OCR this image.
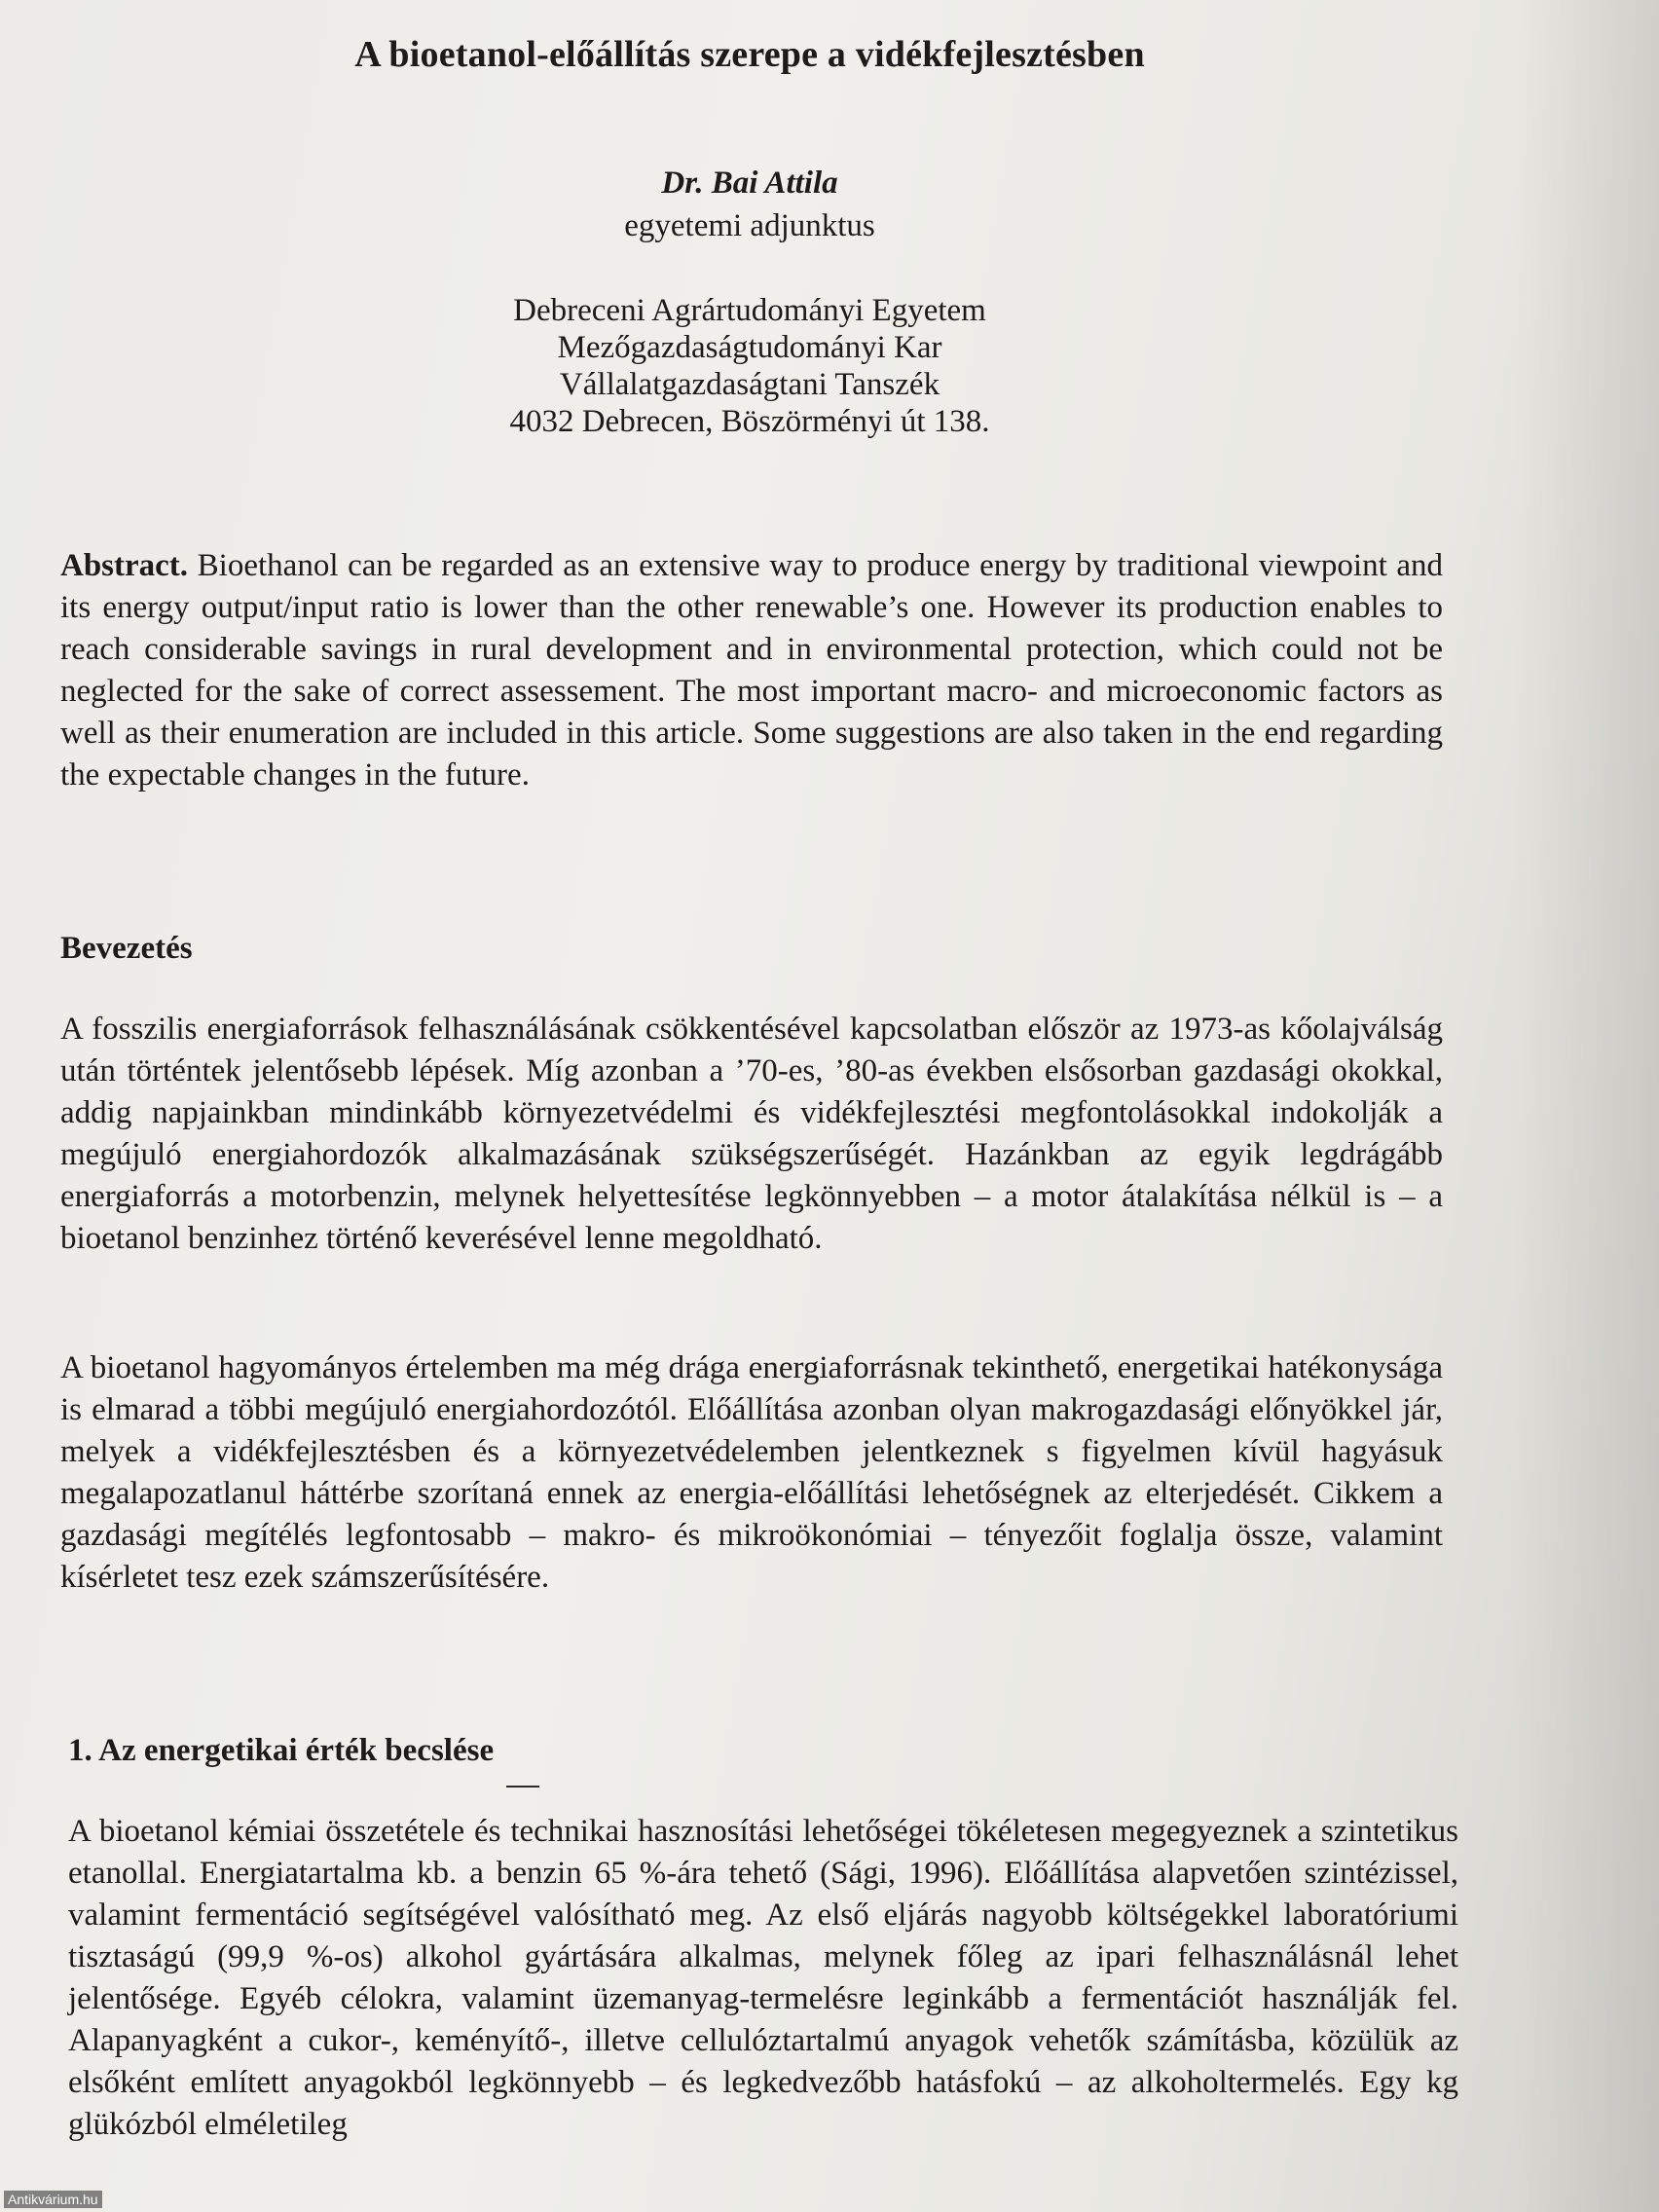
A bioetanol-előállítás szerepe a vidékfejlesztésben
Dr. Bai Attila
egyetemi adjunktus
Debreceni Agrártudományi Egyetem
Mezőgazdaságtudományi Kar
Vállalatgazdaságtani Tanszék
4032 Debrecen, Böszörményi út 138.
Abstract. Bioethanol can be regarded as an extensive way to produce energy by traditional viewpoint and its energy output/input ratio is lower than the other renewable’s one. However its production enables to reach considerable savings in rural development and in environmental protection, which could not be neglected for the sake of correct assessement. The most important macro- and microeconomic factors as well as their enumeration are included in this article. Some suggestions are also taken in the end regarding the expectable changes in the future.
Bevezetés
A fosszilis energiaforrások felhasználásának csökkentésével kapcsolatban először az 1973-as kőolajválság után történtek jelentősebb lépések. Míg azonban a ’70-es, ’80-as években elsősorban gazdasági okokkal, addig napjainkban mindinkább környezetvédelmi és vidékfejlesztési megfontolásokkal indokolják a megújuló energiahordozók alkalmazásának szükségszerűségét. Hazánkban az egyik legdrágább energiaforrás a motorbenzin, melynek helyettesítése legkönnyebben – a motor átalakítása nélkül is – a bioetanol benzinhez történő keverésével lenne megoldható.
A bioetanol hagyományos értelemben ma még drága energiaforrásnak tekinthető, energetikai hatékonysága is elmarad a többi megújuló energiahordozótól. Előállítása azonban olyan makrogazdasági előnyökkel jár, melyek a vidékfejlesztésben és a környezetvédelemben jelentkeznek s figyelmen kívül hagyásuk megalapozatlanul háttérbe szorítaná ennek az energia-előállítási lehetőségnek az elterjedését. Cikkem a gazdasági megítélés legfontosabb – makro- és mikroökonómiai – tényezőit foglalja össze, valamint kísérletet tesz ezek számszerűsítésére.
1. Az energetikai érték becslése
A bioetanol kémiai összetétele és technikai hasznosítási lehetőségei tökéletesen megegyeznek a szintetikus etanollal. Energiatartalma kb. a benzin 65 %-ára tehető (Sági, 1996). Előállítása alapvetően szintézissel, valamint fermentáció segítségével valósítható meg. Az első eljárás nagyobb költségekkel laboratóriumi tisztaságú (99,9 %-os) alkohol gyártására alkalmas, melynek főleg az ipari felhasználásnál lehet jelentősége. Egyéb célokra, valamint üzemanyag-termelésre leginkább a fermentációt használják fel. Alapanyagként a cukor-, keményítő-, illetve cellulóztartalmú anyagok vehetők számításba, közülük az elsőként említett anyagokból legkönnyebb – és legkedvezőbb hatásfokú – az alkoholtermelés. Egy kg glükózból elméletileg
Antikvárium.hu
